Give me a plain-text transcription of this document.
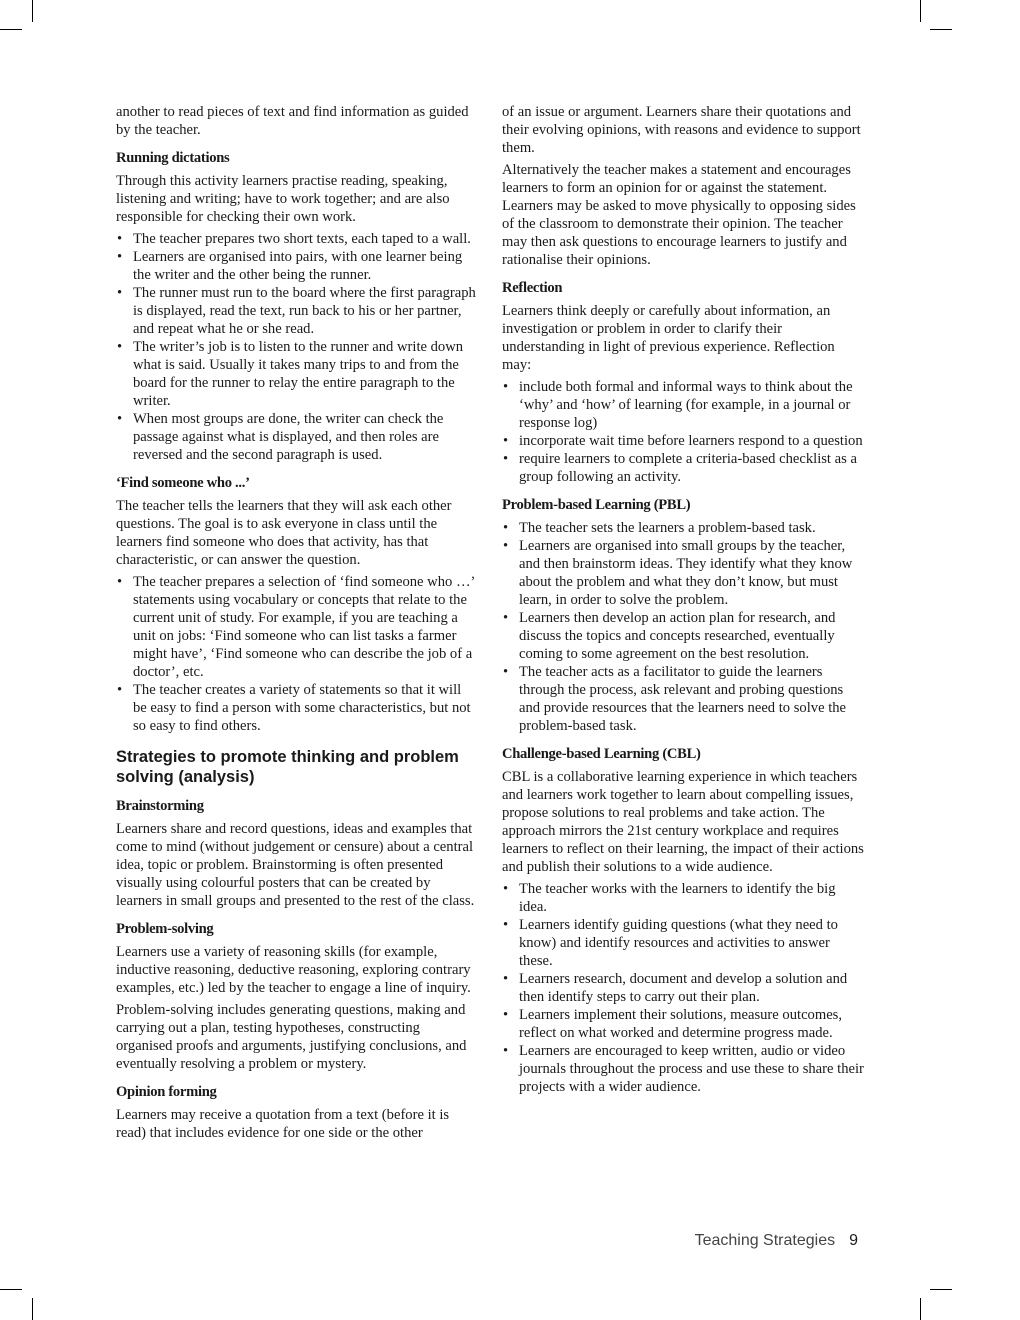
another to read pieces of text and find information as guided by the teacher.

Running dictations

Through this activity learners practise reading, speaking, listening and writing; have to work together; and are also responsible for checking their own work.

• The teacher prepares two short texts, each taped to a wall.
• Learners are organised into pairs, with one learner being the writer and the other being the runner.
• The runner must run to the board where the first paragraph is displayed, read the text, run back to his or her partner, and repeat what he or she read.
• The writer’s job is to listen to the runner and write down what is said. Usually it takes many trips to and from the board for the runner to relay the entire paragraph to the writer.
• When most groups are done, the writer can check the passage against what is displayed, and then roles are reversed and the second paragraph is used.
‘Find someone who ...’

The teacher tells the learners that they will ask each other questions. The goal is to ask everyone in class until the learners find someone who does that activity, has that characteristic, or can answer the question.

• The teacher prepares a selection of ‘find someone who …’ statements using vocabulary or concepts that relate to the current unit of study. For example, if you are teaching a unit on jobs: ‘Find someone who can list tasks a farmer might have’, ‘Find someone who can describe the job of a doctor’, etc.
• The teacher creates a variety of statements so that it will be easy to find a person with some characteristics, but not so easy to find others.
Strategies to promote thinking and problem solving (analysis)
Brainstorming

Learners share and record questions, ideas and examples that come to mind (without judgement or censure) about a central idea, topic or problem. Brainstorming is often presented visually using colourful posters that can be created by learners in small groups and presented to the rest of the class.

Problem-solving

Learners use a variety of reasoning skills (for example, inductive reasoning, deductive reasoning, exploring contrary examples, etc.) led by the teacher to engage a line of inquiry.

Problem-solving includes generating questions, making and carrying out a plan, testing hypotheses, constructing organised proofs and arguments, justifying conclusions, and eventually resolving a problem or mystery.

Opinion forming

Learners may receive a quotation from a text (before it is read) that includes evidence for one side or the other

of an issue or argument. Learners share their quotations and their evolving opinions, with reasons and evidence to support them.

Alternatively the teacher makes a statement and encourages learners to form an opinion for or against the statement. Learners may be asked to move physically to opposing sides of the classroom to demonstrate their opinion. The teacher may then ask questions to encourage learners to justify and rationalise their opinions.

Reflection

Learners think deeply or carefully about information, an investigation or problem in order to clarify their understanding in light of previous experience. Reflection may:

• include both formal and informal ways to think about the ‘why’ and ‘how’ of learning (for example, in a journal or response log)
• incorporate wait time before learners respond to a question
• require learners to complete a criteria-based checklist as a group following an activity.
Problem-based Learning (PBL)
• The teacher sets the learners a problem-based task.
• Learners are organised into small groups by the teacher, and then brainstorm ideas. They identify what they know about the problem and what they don’t know, but must learn, in order to solve the problem.
• Learners then develop an action plan for research, and discuss the topics and concepts researched, eventually coming to some agreement on the best resolution.
• The teacher acts as a facilitator to guide the learners through the process, ask relevant and probing questions and provide resources that the learners need to solve the problem-based task.
Challenge-based Learning (CBL)

CBL is a collaborative learning experience in which teachers and learners work together to learn about compelling issues, propose solutions to real problems and take action. The approach mirrors the 21st century workplace and requires learners to reflect on their learning, the impact of their actions and publish their solutions to a wide audience.

• The teacher works with the learners to identify the big idea.
• Learners identify guiding questions (what they need to know) and identify resources and activities to answer these.
• Learners research, document and develop a solution and then identify steps to carry out their plan.
• Learners implement their solutions, measure outcomes, reflect on what worked and determine progress made.
• Learners are encouraged to keep written, audio or video journals throughout the process and use these to share their projects with a wider audience.
Teaching Strategies 9
